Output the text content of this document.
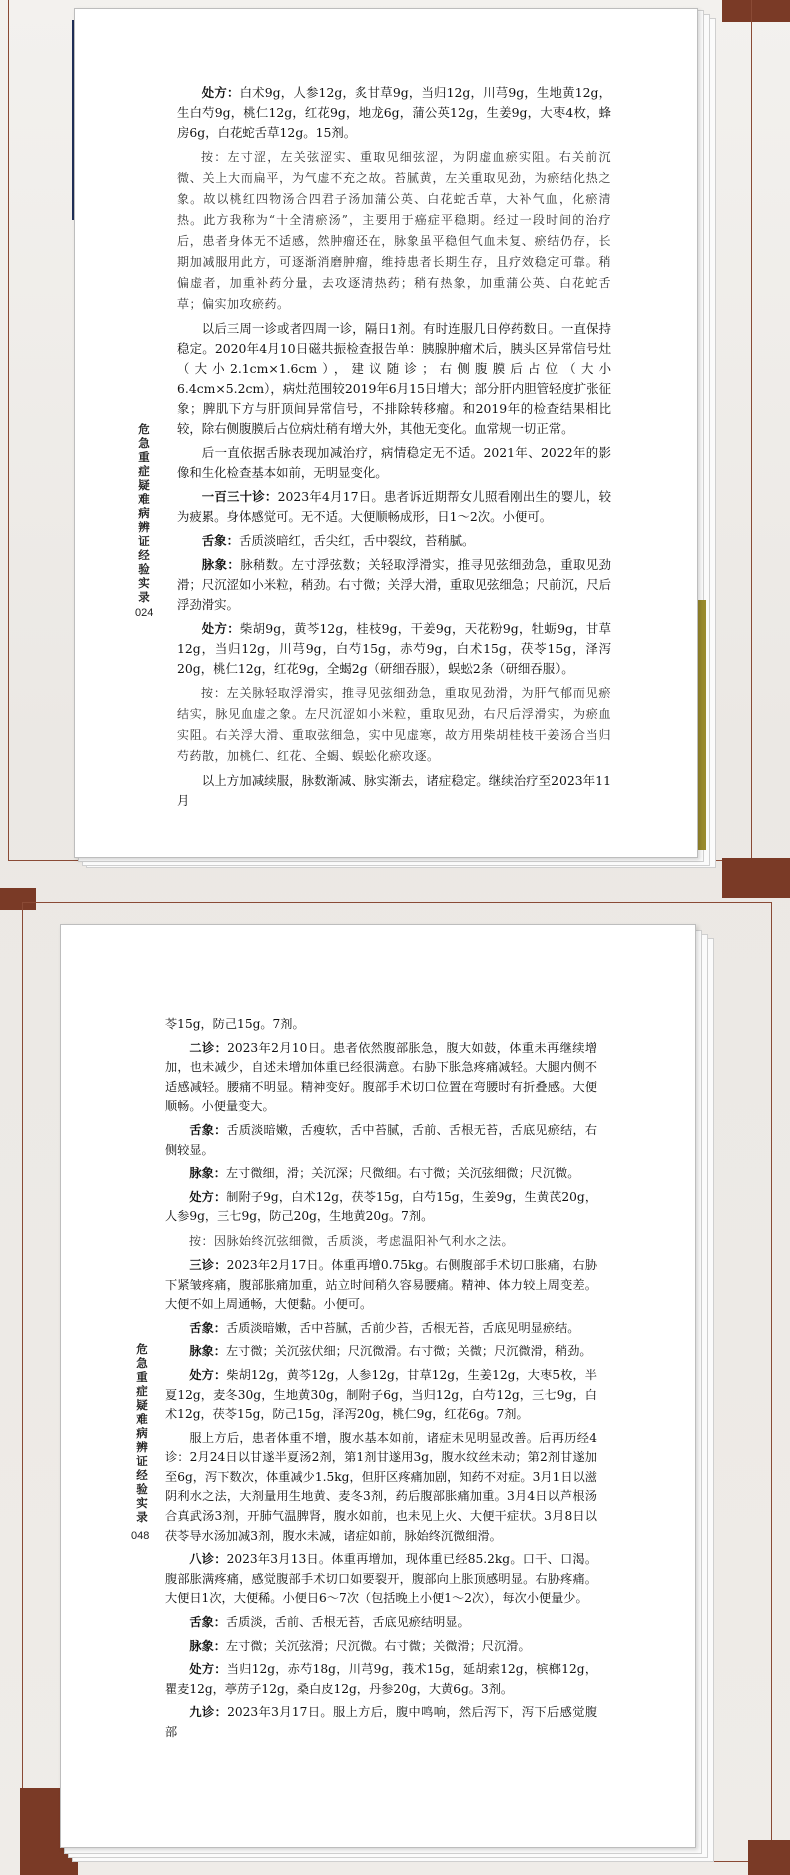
危急重症疑难病辨证经验实录
024

处方：白术9g，人参12g，炙甘草9g，当归12g，川芎9g，生地黄12g，生白芍9g，桃仁12g，红花9g，地龙6g，蒲公英12g，生姜9g，大枣4枚，蜂房6g，白花蛇舌草12g。15剂。

按：左寸涩，左关弦涩实、重取见细弦涩，为阴虚血瘀实阻。右关前沉微、关上大而扁平，为气虚不充之故。苔腻黄，左关重取见劲，为瘀结化热之象。故以桃红四物汤合四君子汤加蒲公英、白花蛇舌草，大补气血，化瘀清热。此方我称为“十全清瘀汤”，主要用于癌症平稳期。经过一段时间的治疗后，患者身体无不适感，然肿瘤还在，脉象虽平稳但气血未复、瘀结仍存，长期加减服用此方，可逐渐消磨肿瘤，维持患者长期生存，且疗效稳定可靠。稍偏虚者，加重补药分量，去攻逐清热药；稍有热象，加重蒲公英、白花蛇舌草；偏实加攻瘀药。

以后三周一诊或者四周一诊，隔日1剂。有时连服几日停药数日。一直保持稳定。2020年4月10日磁共振检查报告单：胰腺肿瘤术后，胰头区异常信号灶（大小2.1cm×1.6cm），建议随诊；右侧腹膜后占位（大小6.4cm×5.2cm），病灶范围较2019年6月15日增大；部分肝内胆管轻度扩张征象；脾肌下方与肝顶间异常信号，不排除转移瘤。和2019年的检查结果相比较，除右侧腹膜后占位病灶稍有增大外，其他无变化。血常规一切正常。

后一直依据舌脉表现加减治疗，病情稳定无不适。2021年、2022年的影像和生化检查基本如前，无明显变化。

一百三十诊：2023年4月17日。患者诉近期帮女儿照看刚出生的婴儿，较为疲累。身体感觉可。无不适。大便顺畅成形，日1～2次。小便可。

舌象：舌质淡暗红，舌尖红，舌中裂纹，苔稍腻。

脉象：脉稍数。左寸浮弦数；关轻取浮滑实，推寻见弦细劲急，重取见劲滑；尺沉涩如小米粒，稍劲。右寸微；关浮大滑，重取见弦细急；尺前沉，尺后浮劲滑实。

处方：柴胡9g，黄芩12g，桂枝9g，干姜9g，天花粉9g，牡蛎9g，甘草12g，当归12g，川芎9g，白芍15g，赤芍9g，白术15g，茯苓15g，泽泻20g，桃仁12g，红花9g，全蝎2g（研细吞服），蜈蚣2条（研细吞服）。

按：左关脉轻取浮滑实，推寻见弦细劲急，重取见劲滑，为肝气郁而见瘀结实，脉见血虚之象。左尺沉涩如小米粒，重取见劲，右尺后浮滑实，为瘀血实阻。右关浮大滑、重取弦细急，实中见虚寒，故方用柴胡桂枝干姜汤合当归芍药散，加桃仁、红花、全蝎、蜈蚣化瘀攻逐。

以上方加减续服，脉数渐减、脉实渐去，诸症稳定。继续治疗至2023年11月

危急重症疑难病辨证经验实录
048

苓15g，防己15g。7剂。

二诊：2023年2月10日。患者依然腹部胀急，腹大如鼓，体重未再继续增加，也未减少，自述未增加体重已经很满意。右胁下胀急疼痛减轻。大腿内侧不适感减轻。腰痛不明显。精神变好。腹部手术切口位置在弯腰时有折叠感。大便顺畅。小便量变大。

舌象：舌质淡暗嫩，舌瘦软，舌中苔腻，舌前、舌根无苔，舌底见瘀结，右侧较显。

脉象：左寸微细，滑；关沉深；尺微细。右寸微；关沉弦细微；尺沉微。

处方：制附子9g，白术12g，茯苓15g，白芍15g，生姜9g，生黄芪20g，人参9g，三七9g，防己20g，生地黄20g。7剂。

按：因脉始终沉弦细微，舌质淡，考虑温阳补气利水之法。

三诊：2023年2月17日。体重再增0.75kg。右侧腹部手术切口胀痛，右胁下紧皱疼痛，腹部胀痛加重，站立时间稍久容易腰痛。精神、体力较上周变差。大便不如上周通畅，大便黏。小便可。

舌象：舌质淡暗嫩，舌中苔腻，舌前少苔，舌根无苔，舌底见明显瘀结。

脉象：左寸微；关沉弦伏细；尺沉微滑。右寸微；关微；尺沉微滑，稍劲。

处方：柴胡12g，黄芩12g，人参12g，甘草12g，生姜12g，大枣5枚，半夏12g，麦冬30g，生地黄30g，制附子6g，当归12g，白芍12g，三七9g，白术12g，茯苓15g，防己15g，泽泻20g，桃仁9g，红花6g。7剂。

服上方后，患者体重不增，腹水基本如前，诸症未见明显改善。后再历经4诊：2月24日以甘遂半夏汤2剂，第1剂甘遂用3g，腹水纹丝未动；第2剂甘遂加至6g，泻下数次，体重减少1.5kg，但肝区疼痛加剧，知药不对症。3月1日以滋阴利水之法，大剂量用生地黄、麦冬3剂，药后腹部胀痛加重。3月4日以芦根汤合真武汤3剂，开肺气温脾肾，腹水如前，也未见上火、大便干症状。3月8日以茯苓导水汤加减3剂，腹水未减，诸症如前，脉始终沉微细滑。

八诊：2023年3月13日。体重再增加，现体重已经85.2kg。口干、口渴。腹部胀满疼痛，感觉腹部手术切口如要裂开，腹部向上胀顶感明显。右胁疼痛。大便日1次，大便稀。小便日6～7次（包括晚上小便1～2次），每次小便量少。

舌象：舌质淡，舌前、舌根无苔，舌底见瘀结明显。

脉象：左寸微；关沉弦滑；尺沉微。右寸微；关微滑；尺沉滑。

处方：当归12g，赤芍18g，川芎9g，莪术15g，延胡索12g，槟榔12g，瞿麦12g，葶苈子12g，桑白皮12g，丹参20g，大黄6g。3剂。

九诊：2023年3月17日。服上方后，腹中鸣响，然后泻下，泻下后感觉腹部
